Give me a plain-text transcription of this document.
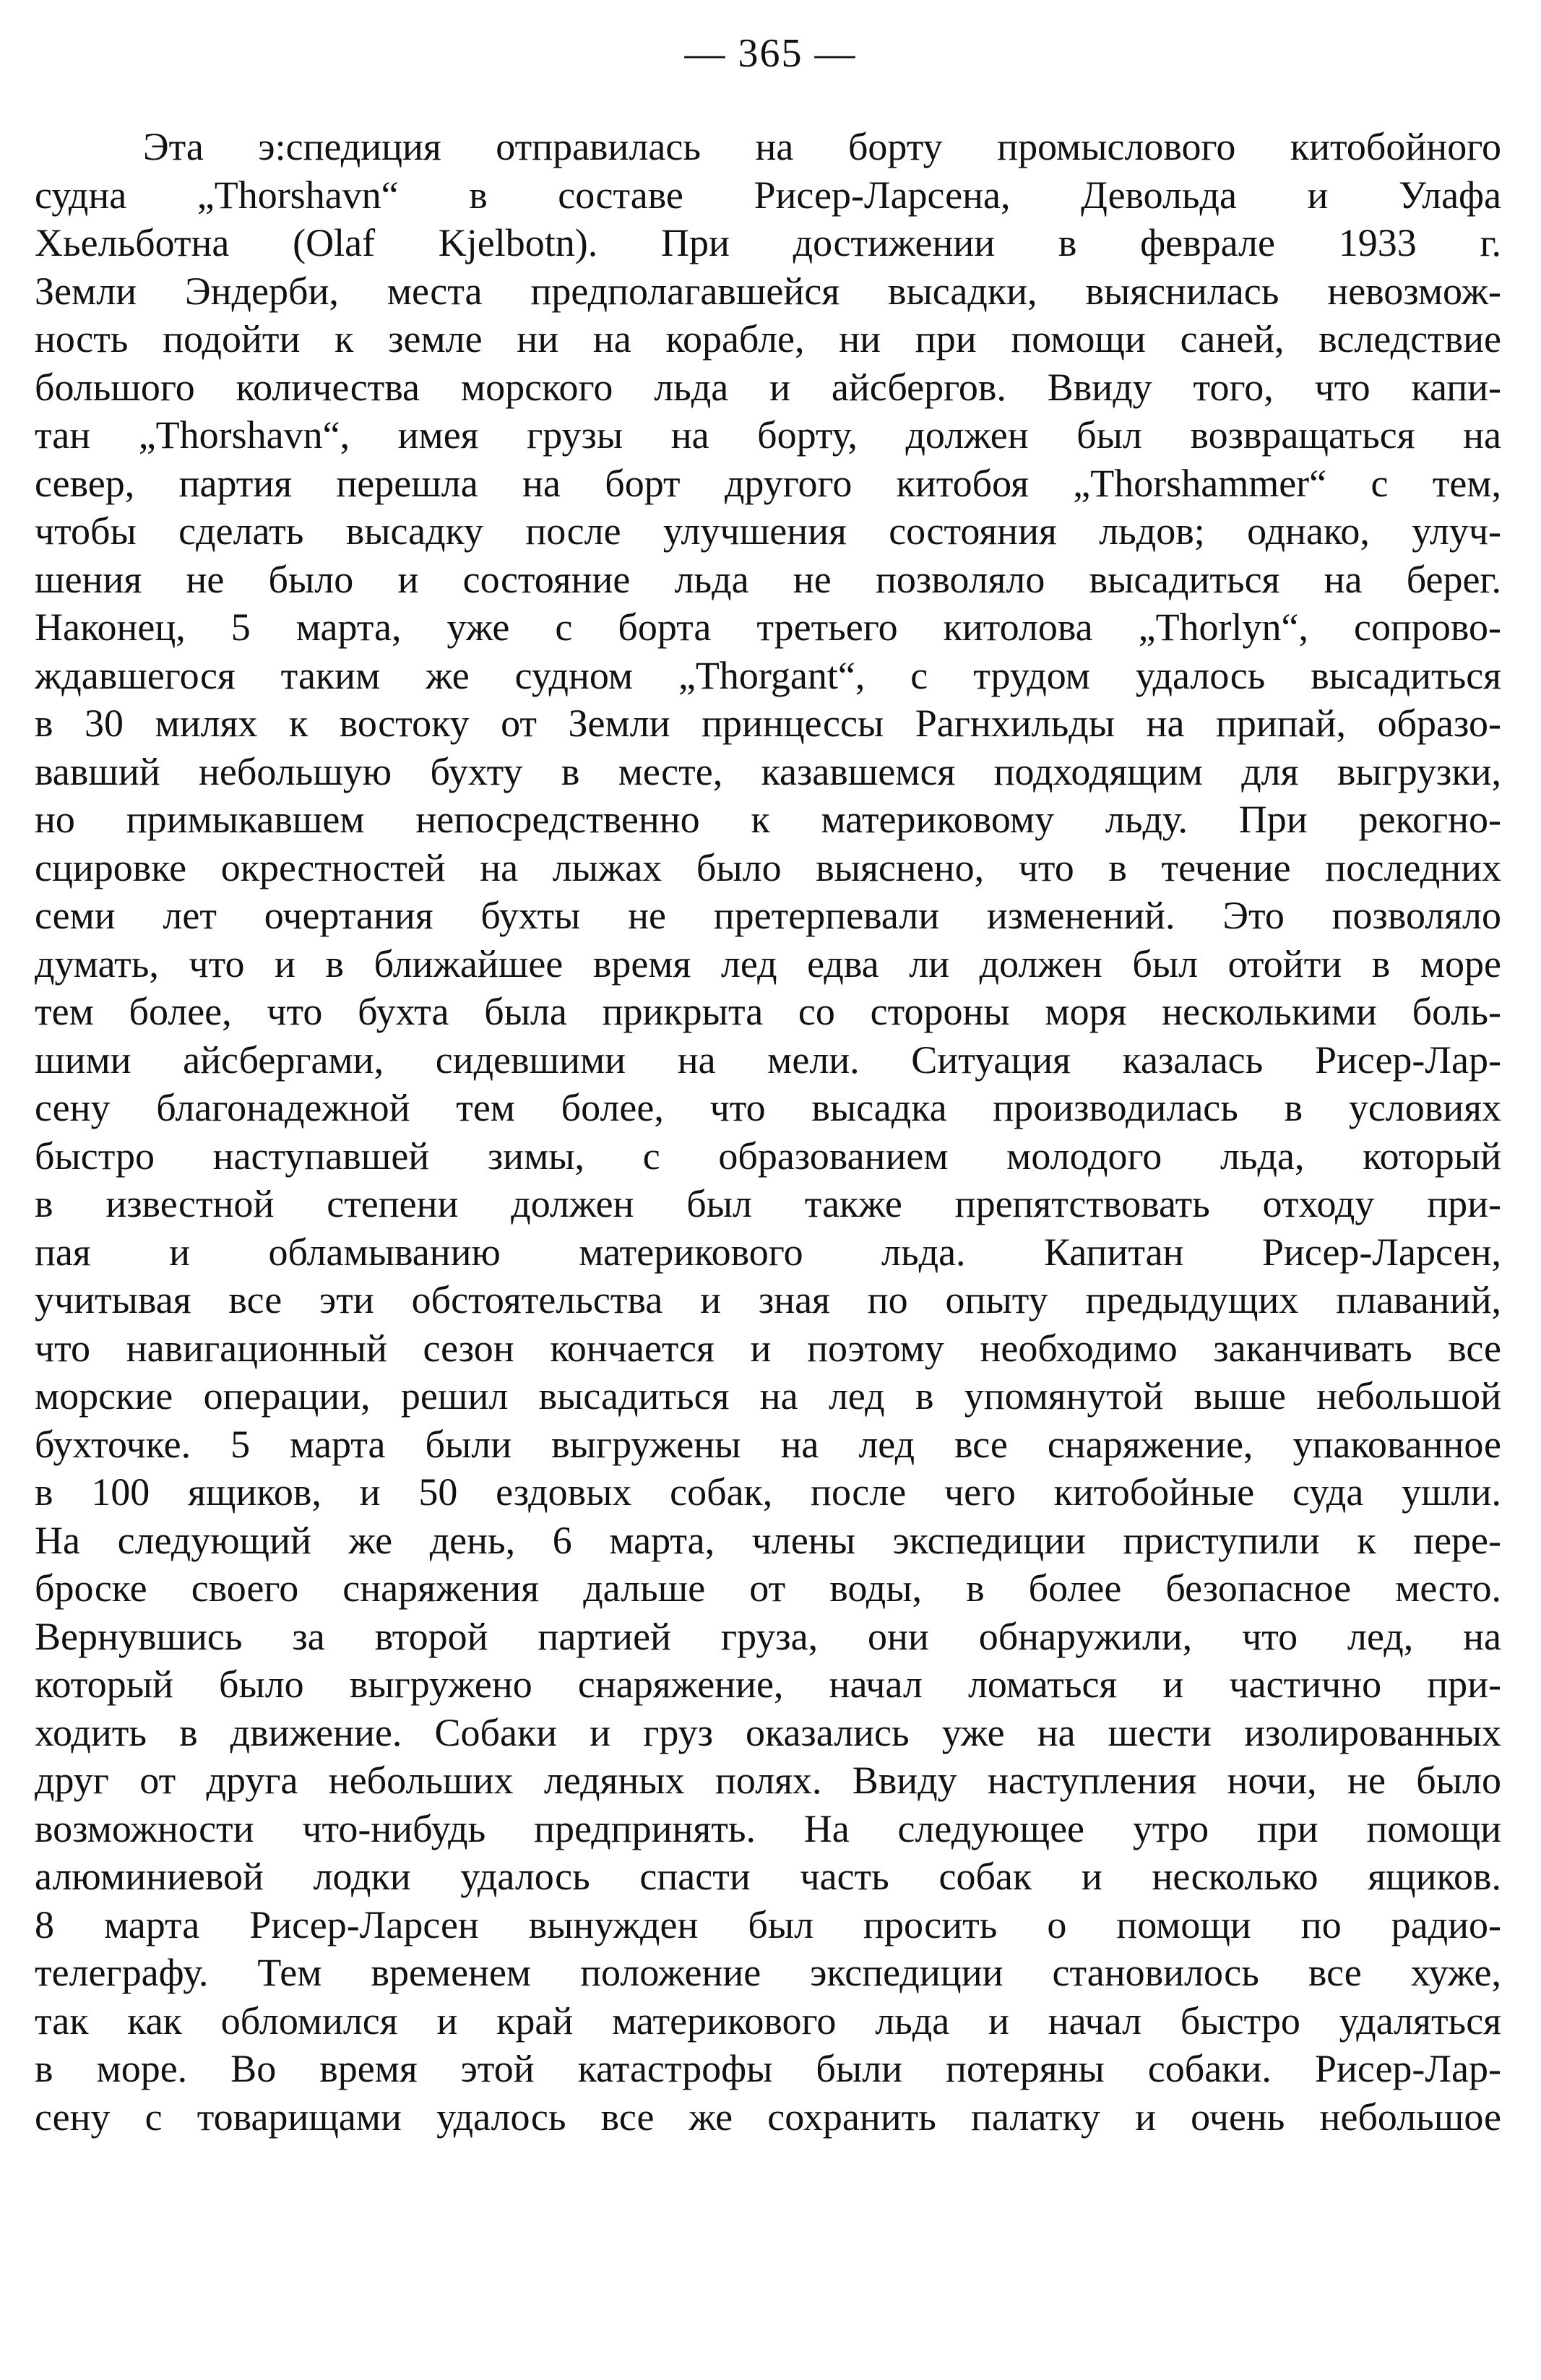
— 365 —
Эта э:спедиция отправилась на борту промыслового китобойного
судна „Thorshavn“ в составе Рисер-Ларсена, Девольда и Улафа
Хьельботна (Olaf Kjelbotn). При достижении в феврале 1933 г.
Земли Эндерби, места предполагавшейся высадки, выяснилась невозмож-
ность подойти к земле ни на корабле, ни при помощи саней, вследствие
большого количества морского льда и айсбергов. Ввиду того, что капи-
тан „Thorshavn“, имея грузы на борту, должен был возвращаться на
север, партия перешла на борт другого китобоя „Thorshammer“ с тем,
чтобы сделать высадку после улучшения состояния льдов; однако, улуч-
шения не было и состояние льда не позволяло высадиться на берег.
Наконец, 5 марта, уже с борта третьего китолова „Thorlyn“, сопрово-
ждавшегося таким же судном „Thorgant“, с трудом удалось высадиться
в 30 милях к востоку от Земли принцессы Рагнхильды на припай, образо-
вавший небольшую бухту в месте, казавшемся подходящим для выгрузки,
но примыкавшем непосредственно к материковому льду. При рекогно-
сцировке окрестностей на лыжах было выяснено, что в течение последних
семи лет очертания бухты не претерпевали изменений. Это позволяло
думать, что и в ближайшее время лед едва ли должен был отойти в море
тем более, что бухта была прикрыта со стороны моря несколькими боль-
шими айсбергами, сидевшими на мели. Ситуация казалась Рисер-Лар-
сену благонадежной тем более, что высадка производилась в условиях
быстро наступавшей зимы, с образованием молодого льда, который
в известной степени должен был также препятствовать отходу при-
пая и обламыванию материкового льда. Капитан Рисер-Ларсен,
учитывая все эти обстоятельства и зная по опыту предыдущих плаваний,
что навигационный сезон кончается и поэтому необходимо заканчивать все
морские операции, решил высадиться на лед в упомянутой выше небольшой
бухточке. 5 марта были выгружены на лед все снаряжение, упакованное
в 100 ящиков, и 50 ездовых собак, после чего китобойные суда ушли.
На следующий же день, 6 марта, члены экспедиции приступили к пере-
броске своего снаряжения дальше от воды, в более безопасное место.
Вернувшись за второй партией груза, они обнаружили, что лед, на
который было выгружено снаряжение, начал ломаться и частично при-
ходить в движение. Собаки и груз оказались уже на шести изолированных
друг от друга небольших ледяных полях. Ввиду наступления ночи, не было
возможности что-нибудь предпринять. На следующее утро при помощи
алюминиевой лодки удалось спасти часть собак и несколько ящиков.
8 марта Рисер-Ларсен вынужден был просить о помощи по радио-
телеграфу. Тем временем положение экспедиции становилось все хуже,
так как обломился и край материкового льда и начал быстро удаляться
в море. Во время этой катастрофы были потеряны собаки. Рисер-Лар-
сену с товарищами удалось все же сохранить палатку и очень небольшое
